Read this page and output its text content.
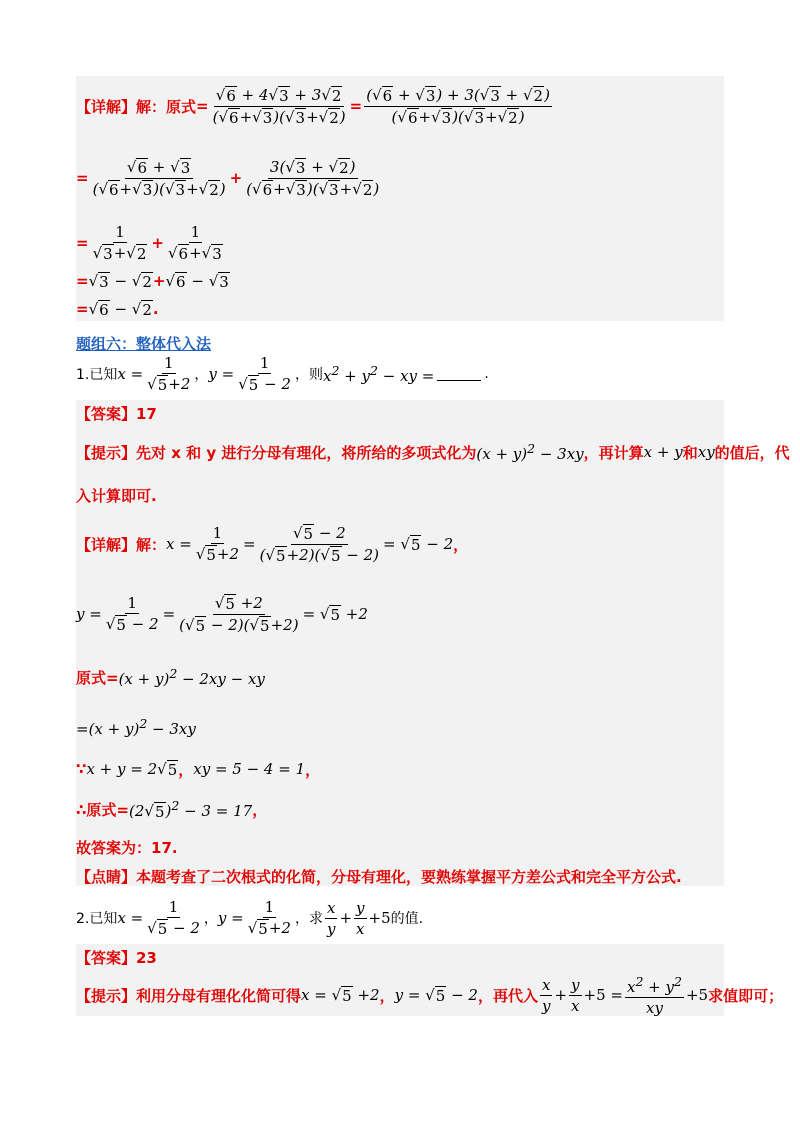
【详解】解：原式 = $\frac{√ 6 + 4 √ 3 + 3 √ 2}{( √ 6 + √ 3 )( √ 3 + √ 2 )} = \frac{( √ 6 + √ 3 ) + 3( √ 3 + √ 2 )}{( √ 6 + √ 3 )( √ 3 + √ 2 )}$
= $\frac{√ 6 + √ 3}{( √ 6 + √ 3 )( √ 3 + √ 2 )} + \frac{3( √ 3 + √ 2 )}{( √ 6 + √ 3 )( √ 3 + √ 2 )}$
= $\frac{1}{√ 3 + √ 2} + \frac{1}{√ 6 + √ 3}$
= √ 3 − √ 2 + √ 6 − √ 3
= √ 6 − √ 2 .
题组六：整体代入法
1.已知 $x = \frac{1}{√ 5 +2}$ ， $y = \frac{1}{√ 5 - 2}$ ，则 $x^2 + y^2$ − xy =	.
【答案】17
【提示】先对 x 和 y 进行分母有理化，将所给的多项式化为 $(x + y)^2 - 3xy$ ，再计算 x + y 和 xy 的值后，代
入计算即可.
【详解】解： $x = \frac{1}{√ 5 +2} = \frac{√ 5 - 2}{( √ 5 +2)( √ 5 - 2)}$ = √ 5 − 2 ，
$y = \frac{1}{√ 5 - 2} = \frac{√ 5 +2}{( √ 5 - 2)( √ 5 +2)}$ = √ 5 +2
原式= $(x + y)^2 - 2xy$ − xy
$=(x + y)^2 - 3xy$
∵ x + y = 2 √ 5 ， xy = 5 − 4 = 1 ，
∴原式= (2 √ 5 )$^2$ − 3 = 17 ，
故答案为：17.
【点睛】本题考查了二次根式的化简，分母有理化，要熟练掌握平方差公式和完全平方公式.
2.已知 $x = \frac{1}{√ 5 - 2}$ ， $y = \frac{1}{√ 5 +2}$ ，求 $\frac{x}{y} + \frac{y}{x} +5$ 的值.
【答案】23
【提示】利用分母有理化化简可得 x = √ 5 +2 ， y = √ 5 − 2 ，再代入 $\frac{x}{y} + \frac{y}{x} +5 = \frac{x^2 + y^2}{xy} +5$ 求值即可；
